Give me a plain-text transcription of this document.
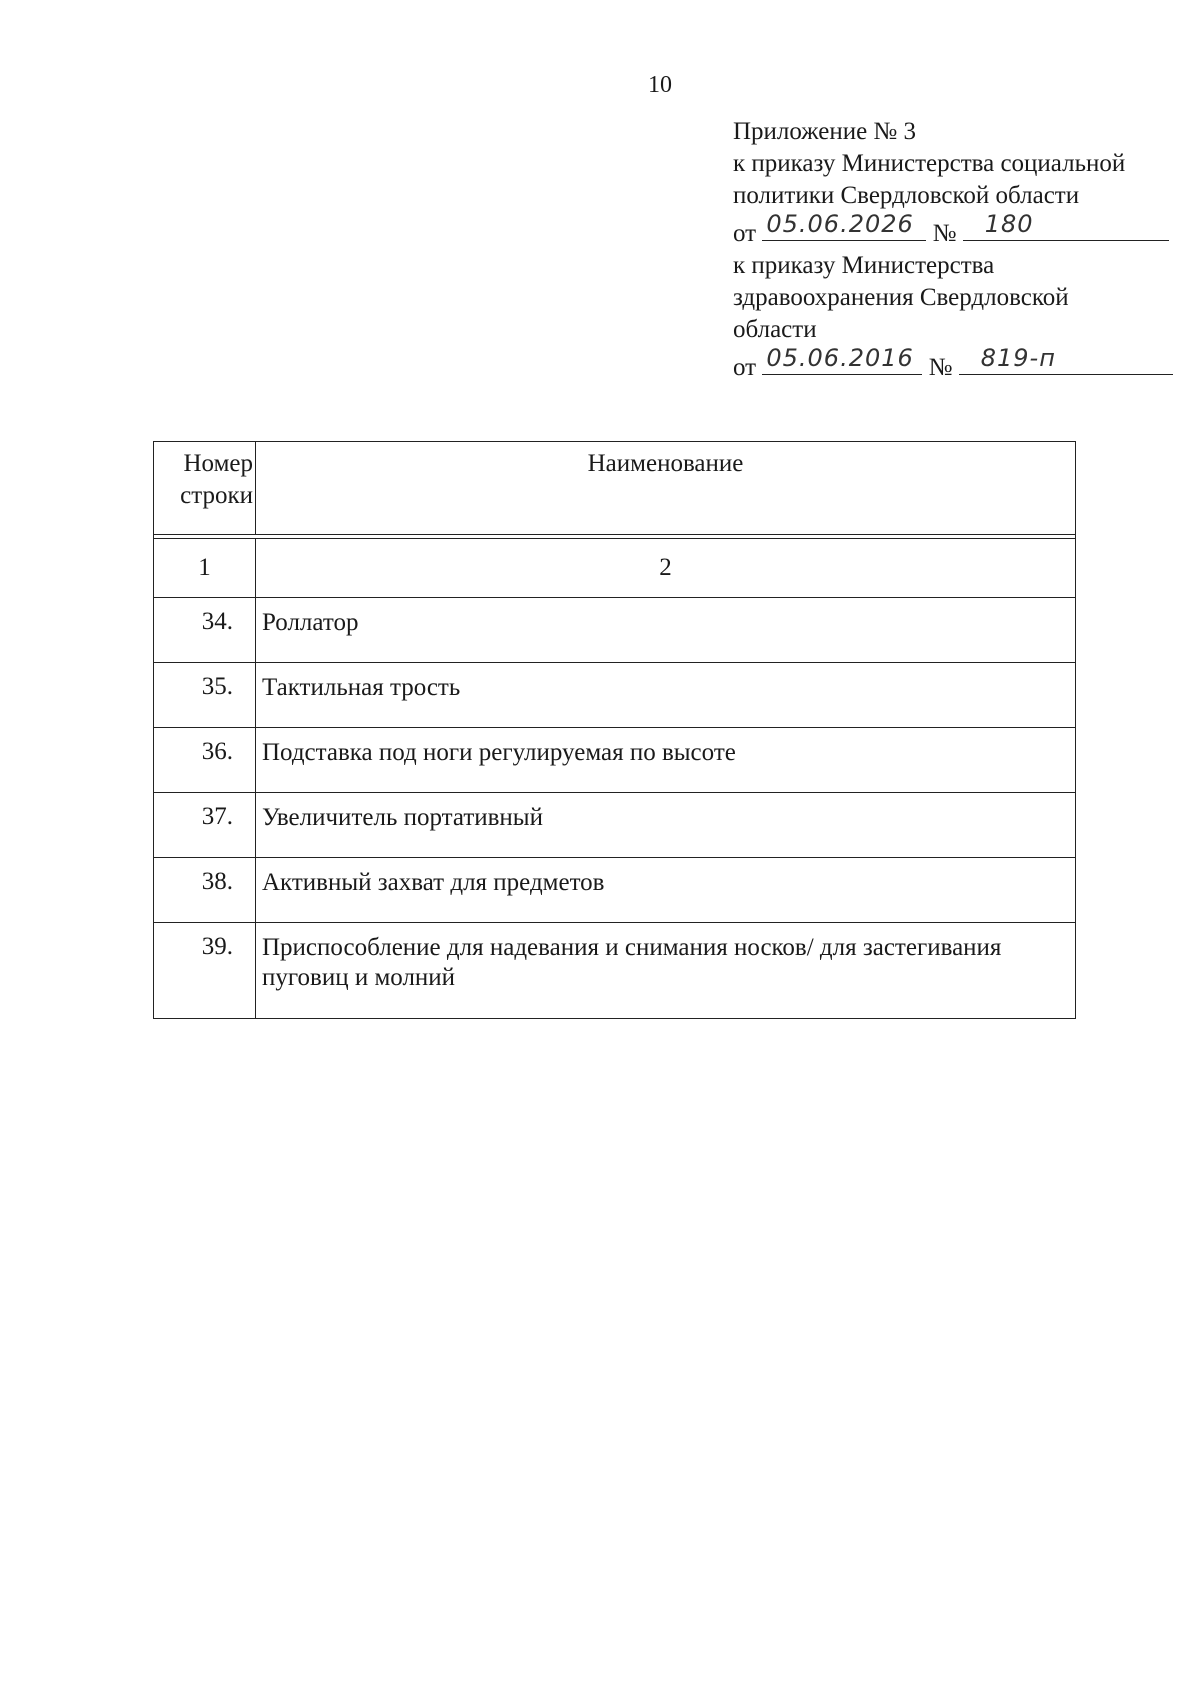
10
Приложение № 3
к приказу Министерства социальной
политики Свердловской области
от 05.06.2026 № 180
к приказу Министерства
здравоохранения Свердловской
области
от 05.06.2016 № 819-п
Номер
строки	Наименование

1	2
34.	Роллатор
35.	Тактильная трость
36.	Подставка под ноги регулируемая по высоте
37.	Увеличитель портативный
38.	Активный захват для предметов
39.	Приспособление для надевания и снимания носков/ для застегивания пуговиц и молний
